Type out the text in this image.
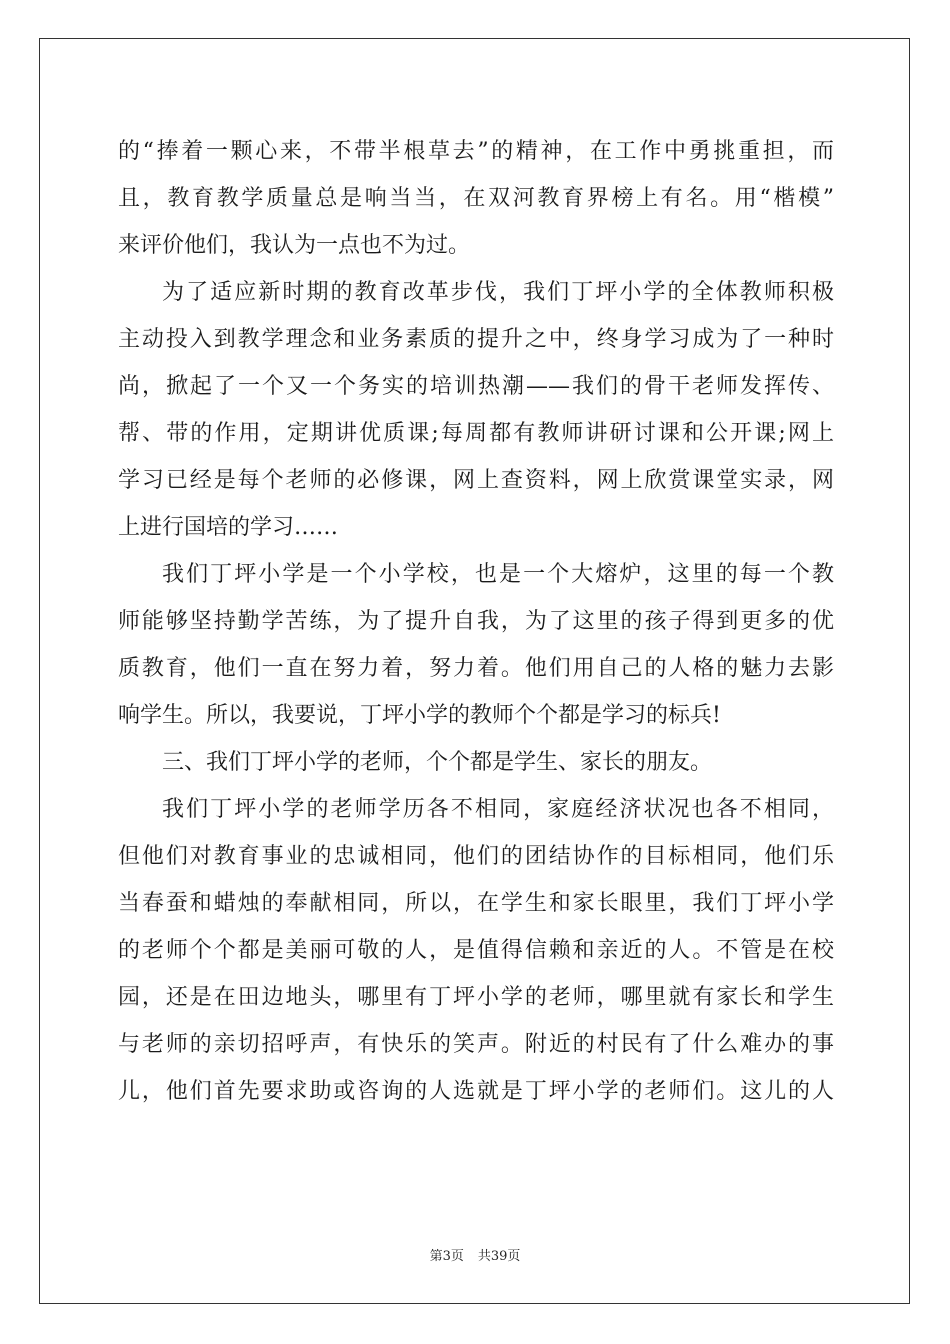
的“捧着一颗心来，不带半根草去”的精神，在工作中勇挑重担，而
且，教育教学质量总是响当当，在双河教育界榜上有名。用“楷模”
来评价他们，我认为一点也不为过。
为了适应新时期的教育改革步伐，我们丁坪小学的全体教师积极
主动投入到教学理念和业务素质的提升之中，终身学习成为了一种时
尚，掀起了一个又一个务实的培训热潮——我们的骨干老师发挥传、
帮、带的作用，定期讲优质课;每周都有教师讲研讨课和公开课;网上
学习已经是每个老师的必修课，网上查资料，网上欣赏课堂实录，网
上进行国培的学习……
我们丁坪小学是一个小学校，也是一个大熔炉，这里的每一个教
师能够坚持勤学苦练，为了提升自我，为了这里的孩子得到更多的优
质教育，他们一直在努力着，努力着。他们用自己的人格的魅力去影
响学生。所以，我要说，丁坪小学的教师个个都是学习的标兵!
三、我们丁坪小学的老师，个个都是学生、家长的朋友。
我们丁坪小学的老师学历各不相同，家庭经济状况也各不相同，
但他们对教育事业的忠诚相同，他们的团结协作的目标相同，他们乐
当春蚕和蜡烛的奉献相同，所以，在学生和家长眼里，我们丁坪小学
的老师个个都是美丽可敬的人，是值得信赖和亲近的人。不管是在校
园，还是在田边地头，哪里有丁坪小学的老师，哪里就有家长和学生
与老师的亲切招呼声，有快乐的笑声。附近的村民有了什么难办的事
儿，他们首先要求助或咨询的人选就是丁坪小学的老师们。这儿的人
第3页 共39页
